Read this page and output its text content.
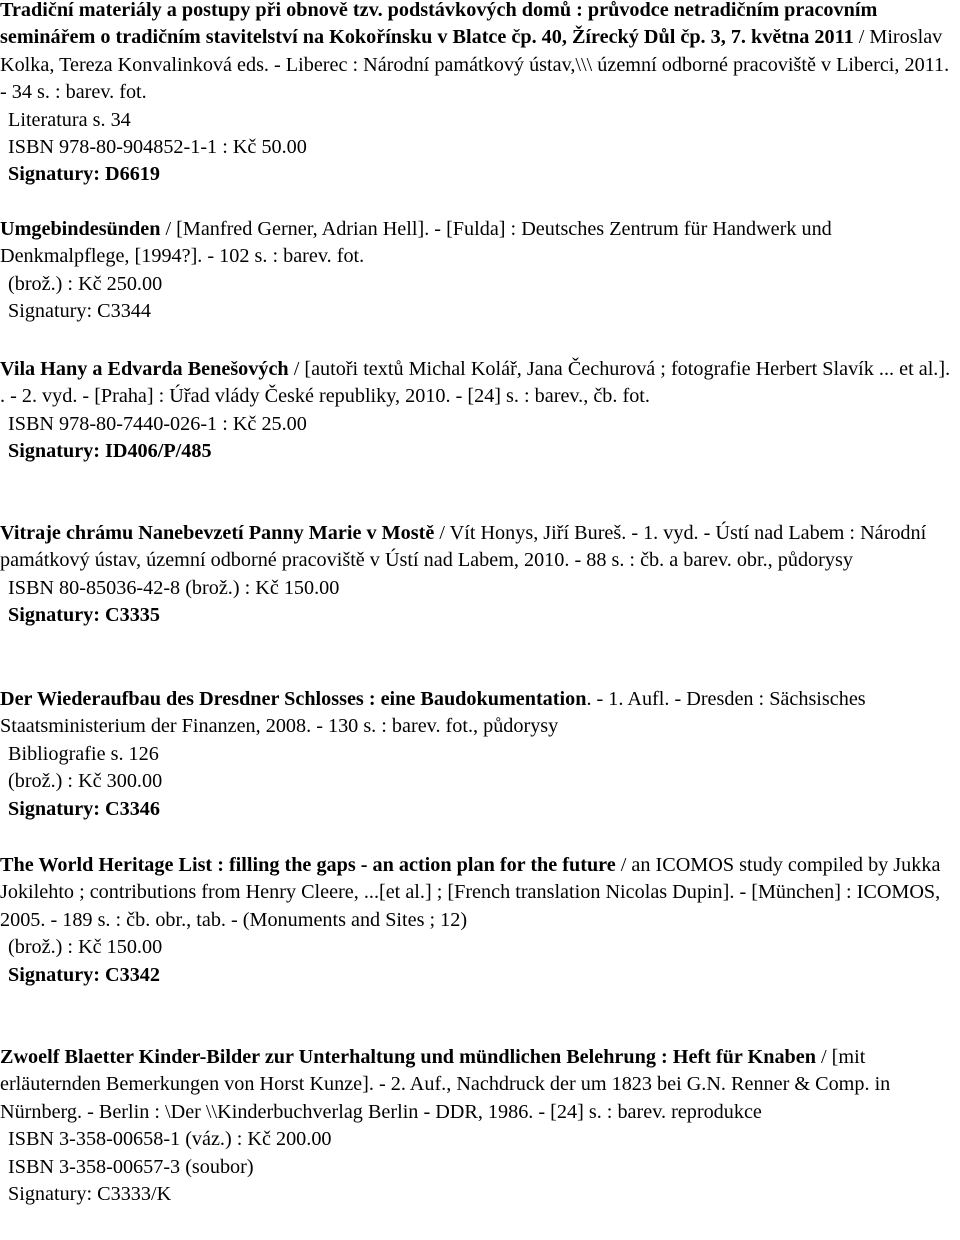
Tradiční materiály a postupy při obnově tzv. podstávkových domů : průvodce netradičním pracovním seminářem o tradičním stavitelství na Kokořínsku v Blatce čp. 40, Žírecký Důl čp. 3, 7. května 2011 / Miroslav Kolka, Tereza Konvalinková eds. - Liberec : Národní památkový ústav,\\\ územní odborné pracoviště v Liberci, 2011. - 34 s. : barev. fot.

Literatura s. 34
ISBN 978-80-904852-1-1 : Kč 50.00
Signatury: D6619

Umgebindesünden / [Manfred Gerner, Adrian Hell]. - [Fulda] : Deutsches Zentrum für Handwerk und Denkmalpflege, [1994?]. - 102 s. : barev. fot.

(brož.) : Kč 250.00
Signatury: C3344

Vila Hany a Edvarda Benešových / [autoři textů Michal Kolář, Jana Čechurová ; fotografie Herbert Slavík ... et al.]. . - 2. vyd. - [Praha] : Úřad vlády České republiky, 2010. - [24] s. : barev., čb. fot.

ISBN 978-80-7440-026-1 : Kč 25.00
Signatury: ID406/P/485

Vitraje chrámu Nanebevzetí Panny Marie v Mostě / Vít Honys, Jiří Bureš. - 1. vyd. - Ústí nad Labem : Národní památkový ústav, územní odborné pracoviště v Ústí nad Labem, 2010. - 88 s. : čb. a barev. obr., půdorysy

ISBN 80-85036-42-8 (brož.) : Kč 150.00
Signatury: C3335

Der Wiederaufbau des Dresdner Schlosses : eine Baudokumentation. - 1. Aufl. - Dresden : Sächsisches Staatsministerium der Finanzen, 2008. - 130 s. : barev. fot., půdorysy

Bibliografie s. 126
(brož.) : Kč 300.00
Signatury: C3346

The World Heritage List : filling the gaps - an action plan for the future / an ICOMOS study compiled by Jukka Jokilehto ; contributions from Henry Cleere, ...[et al.] ; [French translation Nicolas Dupin]. - [München] : ICOMOS, 2005. - 189 s. : čb. obr., tab. - (Monuments and Sites ; 12)

(brož.) : Kč 150.00
Signatury: C3342

Zwoelf Blaetter Kinder-Bilder zur Unterhaltung und mündlichen Belehrung : Heft für Knaben / [mit erläuternden Bemerkungen von Horst Kunze]. - 2. Auf., Nachdruck der um 1823 bei G.N. Renner & Comp. in Nürnberg. - Berlin : \Der \\Kinderbuchverlag Berlin - DDR, 1986. - [24] s. : barev. reprodukce

ISBN 3-358-00658-1 (váz.) : Kč 200.00
ISBN 3-358-00657-3 (soubor)
Signatury: C3333/K
